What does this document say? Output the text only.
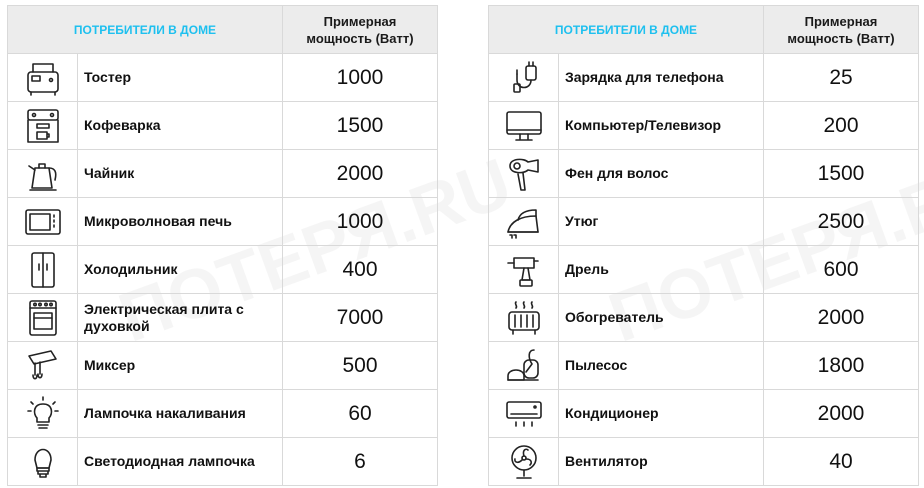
ПОТРЕБИТЕЛИ В ДОМЕ		Примерная
мощность (Ватт)

	Тостер	1000

	Кофеварка	1500

	Чайник	2000

	Микроволновая печь	1000

	Холодильник	400

	Электрическая плита с духовкой	7000

	Миксер	500

	Лампочка накаливания	60

	Светодиодная лампочка	6
ПОТРЕБИТЕЛИ В ДОМЕ		Примерная
мощность (Ватт)

	Зарядка для телефона	25

	Компьютер/Телевизор	200

	Фен для волос	1500

	Утюг	2500

	Дрель	600

	Обогреватель	2000

	Пылесос	1800

	Кондиционер	2000

	Вентилятор	40
